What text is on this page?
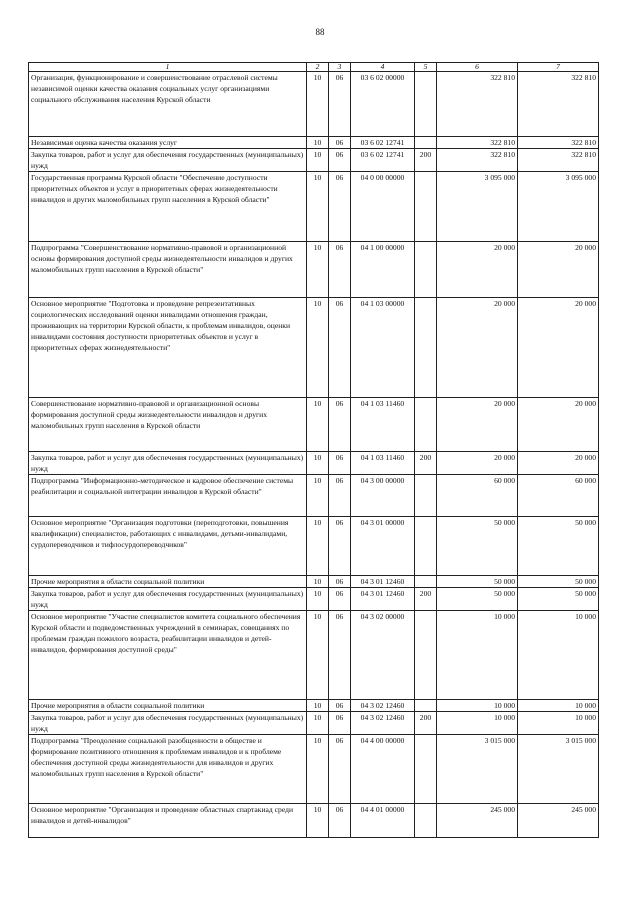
88
1	2	3	4	5	6	7
Организация, функционирование и совершенствование отраслевой системы независимой оценки качества оказания социальных услуг организациями социального обслуживания населения Курской области	10	06	03 6 02 00000		322 810	322 810
Независимая оценка качества оказания услуг	10	06	03 6 02 12741		322 810	322 810
Закупка товаров, работ и услуг для обеспечения государственных (муниципальных) нужд	10	06	03 6 02 12741	200	322 810	322 810
Государственная программа Курской области "Обеспечение доступности приоритетных объектов и услуг в приоритетных сферах жизнедеятельности инвалидов и других маломобильных групп населения в Курской области"	10	06	04 0 00 00000		3 095 000	3 095 000
Подпрограмма "Совершенствование нормативно-правовой и организационной основы формирования доступной среды жизнедеятельности инвалидов и других маломобильных групп населения в Курской области"	10	06	04 1 00 00000		20 000	20 000
Основное мероприятие "Подготовка и проведение репрезентативных социологических исследований оценки инвалидами отношения граждан, проживающих на территории Курской области, к проблемам инвалидов, оценки инвалидами состояния доступности приоритетных объектов и услуг в приоритетных сферах жизнедеятельности"	10	06	04 1 03 00000		20 000	20 000
Совершенствование нормативно-правовой и организационной основы формирования доступной среды жизнедеятельности инвалидов и других маломобильных групп населения в Курской области	10	06	04 1 03 11460		20 000	20 000
Закупка товаров, работ и услуг для обеспечения государственных (муниципальных) нужд	10	06	04 1 03 11460	200	20 000	20 000
Подпрограмма "Информационно-методическое и кадровое обеспечение системы реабилитации и социальной интеграции инвалидов в Курской области"	10	06	04 3 00 00000		60 000	60 000
Основное мероприятие "Организация подготовки (переподготовки, повышения квалификации) специалистов, работающих с инвалидами, детьми-инвалидами, сурдопереводчиков и тифлосурдопереводчиков"	10	06	04 3 01 00000		50 000	50 000
Прочие мероприятия в области социальной политики	10	06	04 3 01 12460		50 000	50 000
Закупка товаров, работ и услуг для обеспечения государственных (муниципальных) нужд	10	06	04 3 01 12460	200	50 000	50 000
Основное мероприятие "Участие специалистов комитета социального обеспечения Курской области и подведомственных учреждений в семинарах, совещаниях по проблемам граждан пожилого возраста, реабилитации инвалидов и детей-инвалидов, формирования доступной среды"	10	06	04 3 02 00000		10 000	10 000
Прочие мероприятия в области социальной политики	10	06	04 3 02 12460		10 000	10 000
Закупка товаров, работ и услуг для обеспечения государственных (муниципальных) нужд	10	06	04 3 02 12460	200	10 000	10 000
Подпрограмма "Преодоление социальной разобщенности в обществе и формирование позитивного отношения к проблемам инвалидов и к проблеме обеспечения доступной среды жизнедеятельности для инвалидов и других маломобильных групп населения в Курской области"	10	06	04 4 00 00000		3 015 000	3 015 000
Основное мероприятие "Организация и проведение областных спартакиад среди инвалидов и детей-инвалидов"	10	06	04 4 01 00000		245 000	245 000
